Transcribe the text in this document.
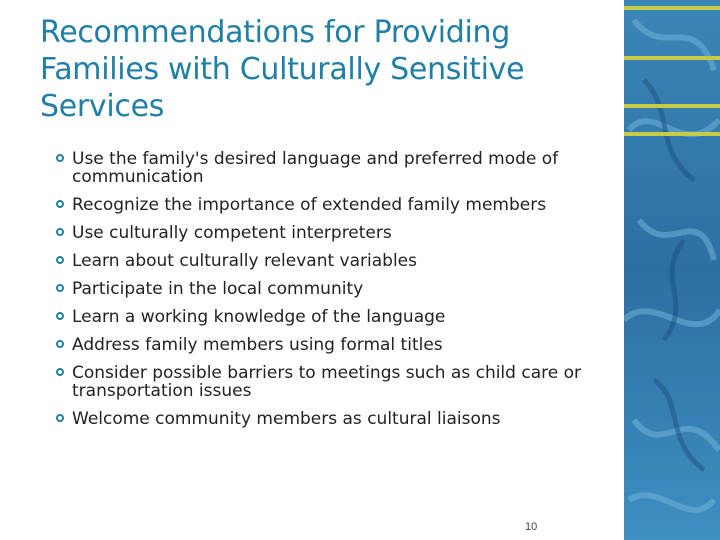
Recommendations for Providing Families with Culturally Sensitive Services
Use the family's desired language and preferred mode of communication
Recognize the importance of extended family members
Use culturally competent interpreters
Learn about culturally relevant variables
Participate in the local community
Learn a working knowledge of the language
Address family members using formal titles
Consider possible barriers to meetings such as child care or transportation issues
Welcome community members as cultural liaisons
10
